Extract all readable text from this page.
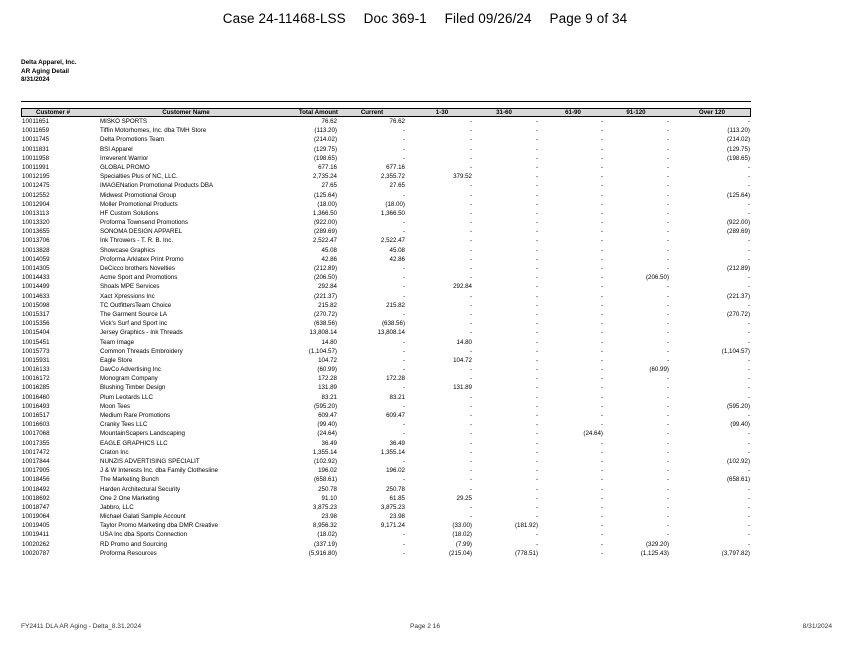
Case 24-11468-LSS Doc 369-1 Filed 09/26/24 Page 9 of 34
Delta Apparel, Inc.
AR Aging Detail
8/31/2024
Customer #	Customer Name	Total Amount	Current	1-30	31-60	61-90	91-120	Over 120
10011651	MISKO SPORTS	76.62	76.62	-	-	-	-	-
10011659	Tiffin Motorhomes, Inc. dba TMH Store	(113.20)	-	-	-	-	-	(113.20)
10011745	Delta Promotions Team	(214.02)	-	-	-	-	-	(214.02)
10011831	BSI Apparel	(129.75)	-	-	-	-	-	(129.75)
10011958	Irreverent Warrior	(198.65)	-	-	-	-	-	(198.65)
10011991	GLOBAL PROMO	677.16	677.16	-	-	-	-	-
10012195	Specialties Plus of NC, LLC.	2,735.24	2,355.72	379.52	-	-	-	-
10012475	IMAGENation Promotional Products DBA	27.65	27.65	-	-	-	-	-
10012552	Midwest Promotional Group	(125.64)	-	-	-	-	-	(125.64)
10012904	Moller Promotional Products	(18.00)	(18.00)	-	-	-	-	-
10013113	HF Custom Solutions	1,366.50	1,366.50	-	-	-	-	-
10013320	Proforma Townsend Promotions	(922.00)	-	-	-	-	-	(922.00)
10013655	SONOMA DESIGN APPAREL	(289.69)	-	-	-	-	-	(289.69)
10013706	Ink Throwers - T. R. B. Inc.	2,522.47	2,522.47	-	-	-	-	-
10013828	Showcase Graphics	45.08	45.08	-	-	-	-	-
10014059	Proforma Arklatex Print Promo	42.86	42.86	-	-	-	-	-
10014305	DeCicco brothers Novelties	(212.89)	-	-	-	-	-	(212.89)
10014433	Acme Sport and Promotions	(206.50)	-	-	-	-	(206.50)	-
10014499	Shoals MPE Services	292.84	-	292.84	-	-	-	-
10014633	Xact Xpressions Inc	(221.37)	-	-	-	-	-	(221.37)
10015098	TC OutfittersTeam Choice	215.82	215.82	-	-	-	-	-
10015317	The Garment Source LA	(270.72)	-	-	-	-	-	(270.72)
10015356	Vick's Surf and Sport inc	(638.56)	(638.56)	-	-	-	-	-
10015404	Jersey Graphics - Ink Threads	13,808.14	13,808.14	-	-	-	-	-
10015451	Team Image	14.80	-	14.80	-	-	-	-
10015773	Common Threads Embroidery	(1,104.57)	-	-	-	-	-	(1,104.57)
10015931	Eagle Store	104.72	-	104.72	-	-	-	-
10016133	DavCo Advertising Inc	(60.99)	-	-	-	-	(60.99)	-
10016172	Monogram Company	172.28	172.28	-	-	-	-	-
10016285	Blushing Timber Design	131.89	-	131.89	-	-	-	-
10016460	Plum Leotards LLC	83.21	83.21	-	-	-	-	-
10016493	Moon Tees	(595.20)	-	-	-	-	-	(595.20)
10016517	Medium Rare Promotions	609.47	609.47	-	-	-	-	-
10016603	Cranky Tees LLC	(99.40)	-	-	-	-	-	(99.40)
10017068	MountainScapers Landscaping	(24.64)	-	-	-	(24.64)	-	-
10017355	EAGLE GRAPHICS LLC	36.49	36.49	-	-	-	-	-
10017472	Craton Inc	1,355.14	1,355.14	-	-	-	-	-
10017844	NUNZIS ADVERTISING SPECIALIT	(102.92)	-	-	-	-	-	(102.92)
10017905	J & W Interests Inc. dba Family Clothesline	196.02	196.02	-	-	-	-	-
10018456	The Marketing Bunch	(658.61)	-	-	-	-	-	(658.61)
10018492	Harden Architectural Security	250.78	250.78	-	-	-	-	-
10018692	One 2 One Marketing	91.10	61.85	29.25	-	-	-	-
10018747	Jabbro, LLC	3,875.23	3,875.23	-	-	-	-	-
10019064	Michael Galati Sample Account	23.98	23.98	-	-	-	-	-
10019405	Taylor Promo Marketing dba DMR Creative	8,956.32	9,171.24	(33.00)	(181.92)	-	-	-
10019411	USA Inc dba Sports Connection	(18.02)	-	(18.02)	-	-	-	-
10020262	RD Promo and Sourcing	(337.19)	-	(7.99)	-	-	(329.20)	-
10020787	Proforma Resources	(5,916.80)	-	(215.04)	(778.51)	-	(1,125.43)	(3,797.82)
FY2411 DLA AR Aging - Delta_8.31.2024	Page 2 16	8/31/2024
